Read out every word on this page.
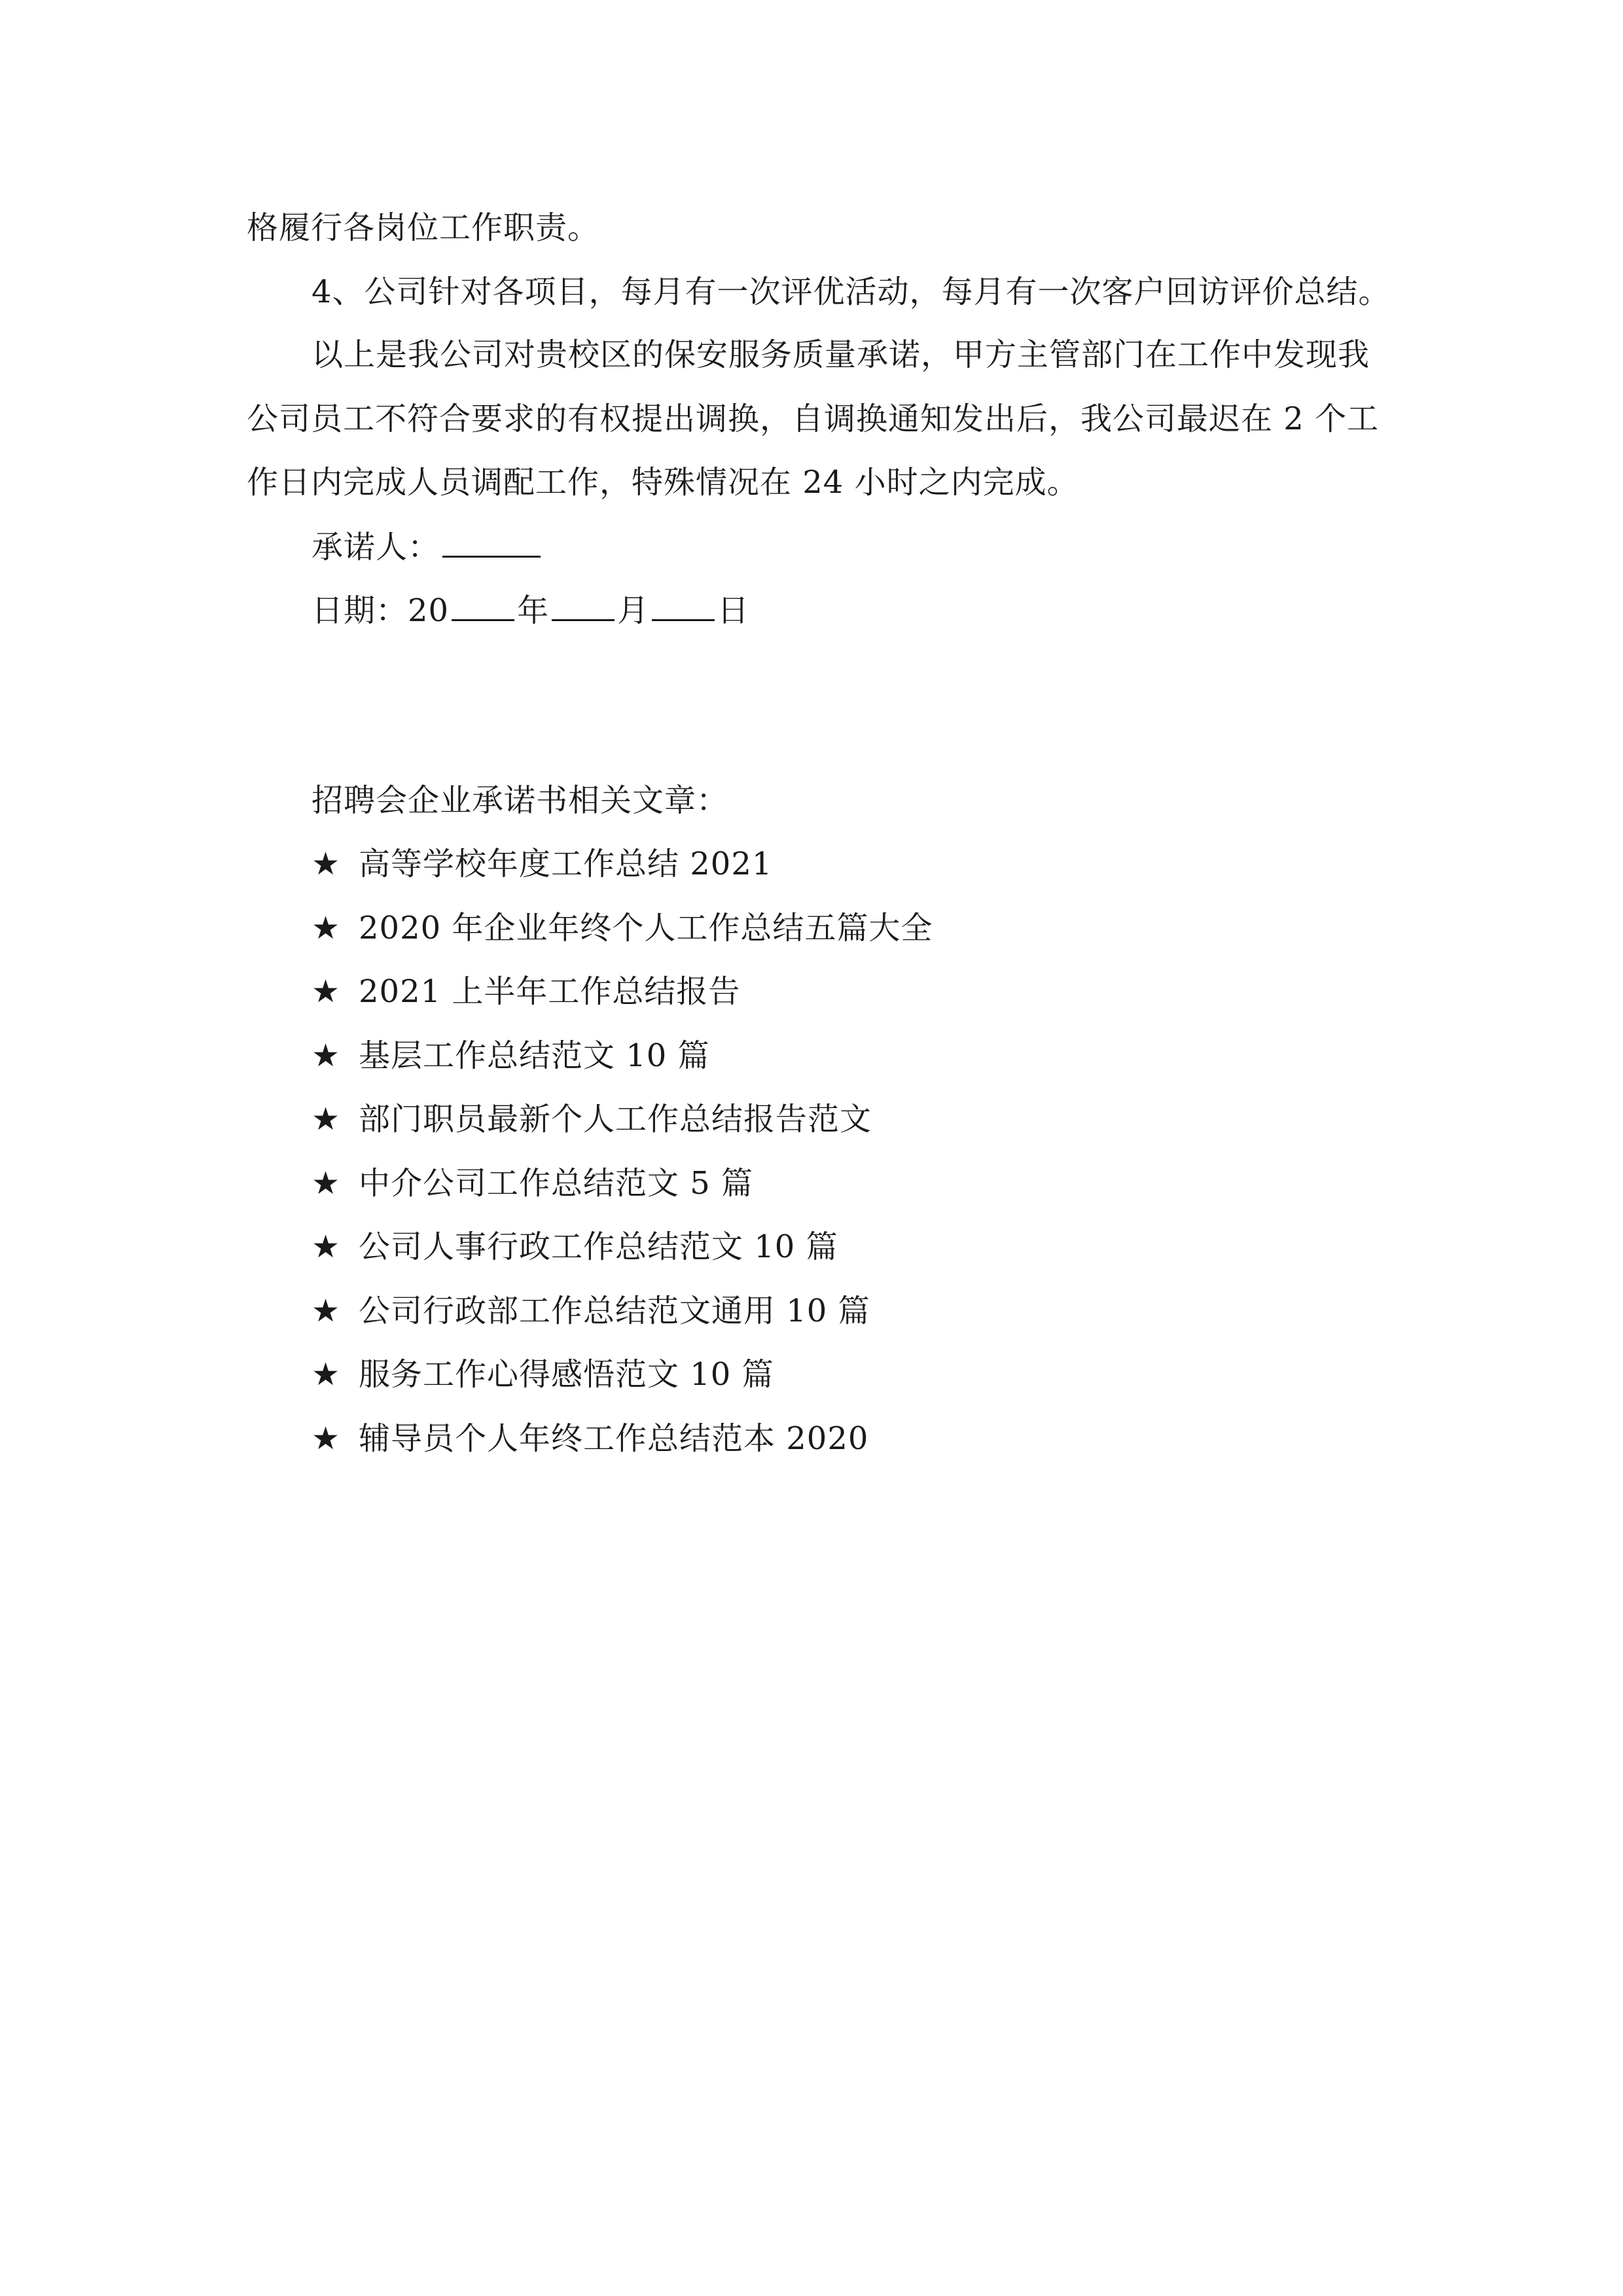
格履行各岗位工作职责。
4、公司针对各项目，每月有一次评优活动，每月有一次客户回访评价总结。
以上是我公司对贵校区的保安服务质量承诺，甲方主管部门在工作中发现我
公司员工不符合要求的有权提出调换，自调换通知发出后，我公司最迟在 2 个工
作日内完成人员调配工作，特殊情况在 24 小时之内完成。
承诺人：
日期：20 年 月 日
招聘会企业承诺书相关文章：
★ 高等学校年度工作总结 2021
★ 2020 年企业年终个人工作总结五篇大全
★ 2021 上半年工作总结报告
★ 基层工作总结范文 10 篇
★ 部门职员最新个人工作总结报告范文
★ 中介公司工作总结范文 5 篇
★ 公司人事行政工作总结范文 10 篇
★ 公司行政部工作总结范文通用 10 篇
★ 服务工作心得感悟范文 10 篇
★ 辅导员个人年终工作总结范本 2020
